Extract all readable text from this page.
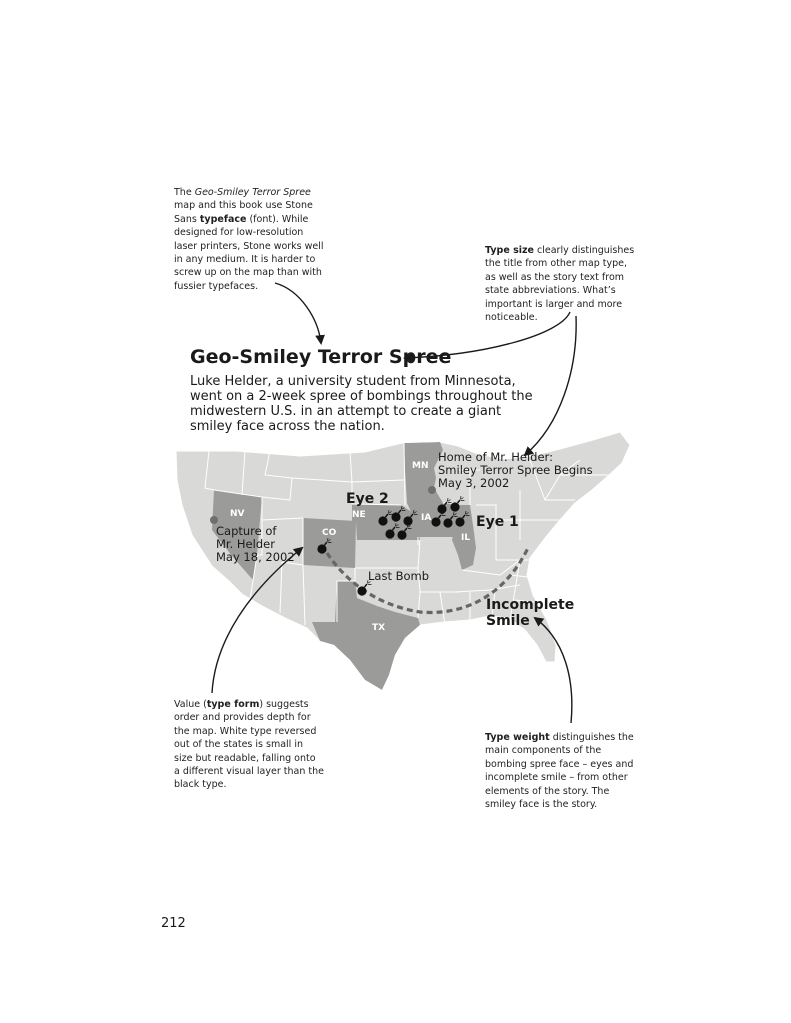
The Geo-Smiley Terror Spree map and this book use Stone Sans typeface (font). While designed for low-resolution laser printers, Stone works well in any medium. It is harder to screw up on the map than with fussier typefaces.
Type size clearly distinguishes the title from other map type, as well as the story text from state abbreviations. What’s important is larger and more noticeable.
Value (type form) suggests order and provides depth for the map. White type reversed out of the states is small in size but readable, falling onto a different visual layer than the black type.
Type weight distinguishes the main components of the bombing spree face – eyes and incomplete smile – from other elements of the story. The smiley face is the story.
Geo-Smiley Terror Spree
Luke Helder, a university student from Minnesota, went on a 2-week spree of bombings throughout the midwestern U.S. in an attempt to create a giant smiley face across the nation.
MN
NV	NE	IA
IL
CO
TX
Home of Mr. Helder:
Smiley Terror Spree Begins
May 3, 2002
Capture of
Mr. Helder
May 18, 2002
Last Bomb
Eye 2
Eye 1
Incomplete
Smile
212
